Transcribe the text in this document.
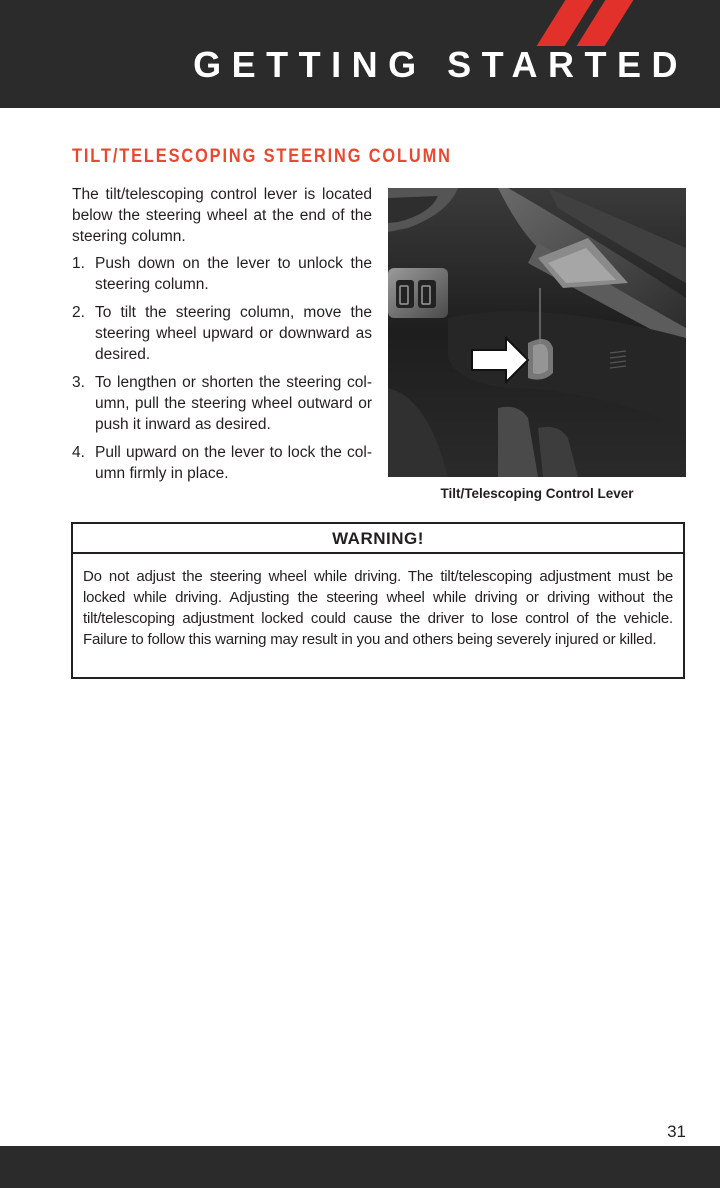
GETTING STARTED
TILT/TELESCOPING STEERING COLUMN

The tilt/telescoping control lever is located below the steering wheel at the end of the steering column.

1. Push down on the lever to unlock the steering column.
2. To tilt the steering column, move the steering wheel upward or downward as desired.
3. To lengthen or shorten the steering col-umn, pull the steering wheel outward or push it inward as desired.
4. Pull upward on the lever to lock the col-umn firmly in place.
Tilt/Telescoping Control Lever
WARNING!
Do not adjust the steering wheel while driving. The tilt/telescoping adjustment must be locked while driving. Adjusting the steering wheel while driving or driving without the tilt/telescoping adjustment locked could cause the driver to lose control of the vehicle. Failure to follow this warning may result in you and others being severely injured or killed.
31
